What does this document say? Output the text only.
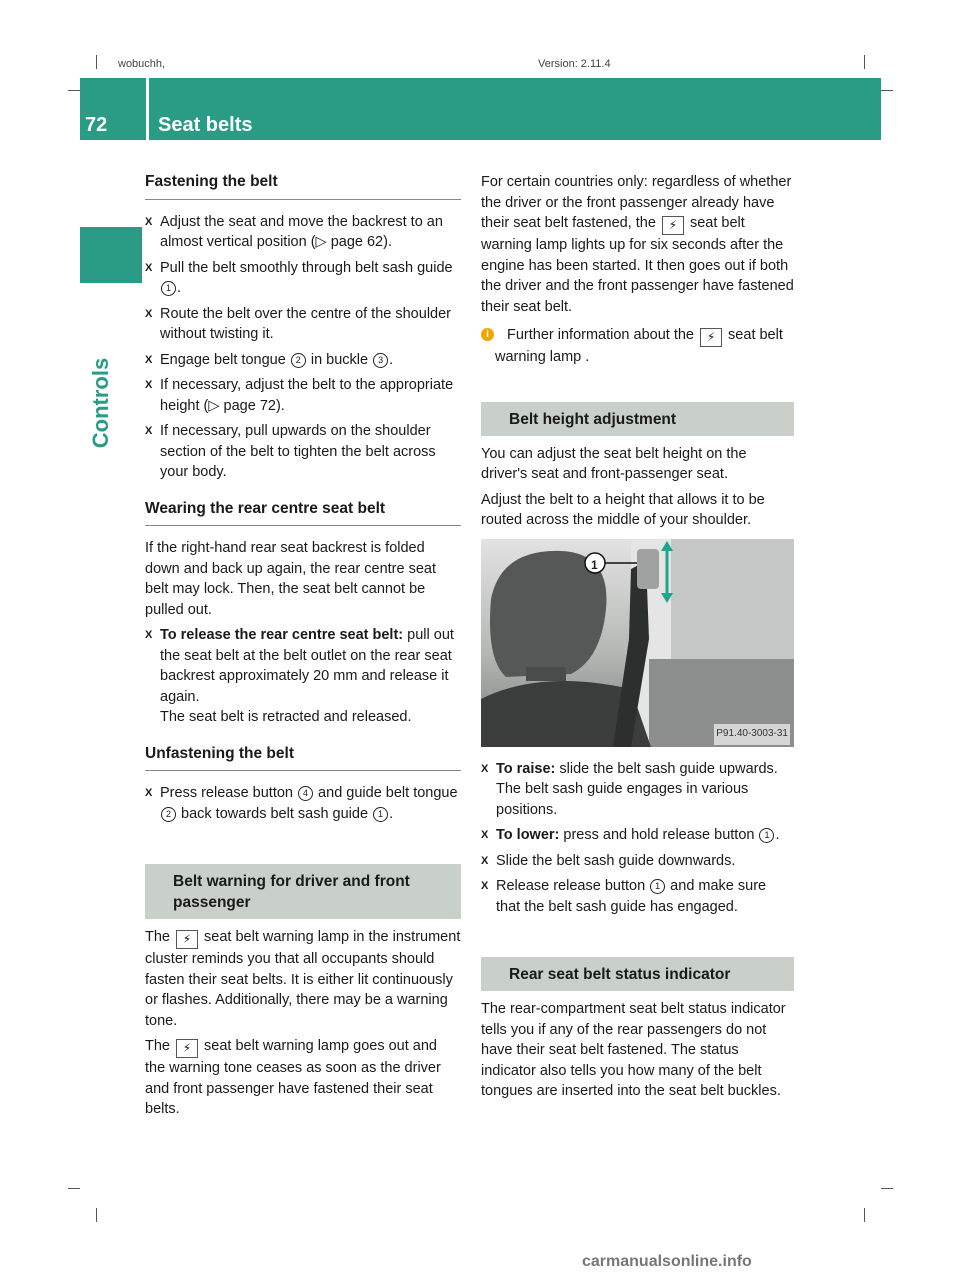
wobuchh,	Version: 2.11.4
72	Seat belts
Controls
Fastening the belt
X Adjust the seat and move the backrest to an almost vertical position (▷ page 62).
X Pull the belt smoothly through belt sash guide 1 .
X Route the belt over the centre of the shoulder without twisting it.
X Engage belt tongue 2 in buckle 3 .
X If necessary, adjust the belt to the appropriate height (▷ page 72).
X If necessary, pull upwards on the shoulder section of the belt to tighten the belt across your body.
Wearing the rear centre seat belt

If the right-hand rear seat backrest is folded down and back up again, the rear centre seat belt may lock. Then, the seat belt cannot be pulled out.

X To release the rear centre seat belt: pull out the seat belt at the belt outlet on the rear seat backrest approximately 20 mm and release it again.
The seat belt is retracted and released.
Unfastening the belt
X Press release button 4 and guide belt tongue 2 back towards belt sash guide 1 .
Belt warning for driver and front passenger

The ⚡ seat belt warning lamp in the instrument cluster reminds you that all occupants should fasten their seat belts. It is either lit continuously or flashes. Additionally, there may be a warning tone.

The ⚡ seat belt warning lamp goes out and the warning tone ceases as soon as the driver and front passenger have fastened their seat belts.

For certain countries only: regardless of whether the driver or the front passenger already have their seat belt fastened, the ⚡ seat belt warning lamp lights up for six seconds after the engine has been started. It then goes out if both the driver and the front passenger have fastened their seat belt.

i	Further information about the ⚡ seat belt warning lamp .
Belt height adjustment

You can adjust the seat belt height on the driver's seat and front-passenger seat.

Adjust the belt to a height that allows it to be routed across the middle of your shoulder.

1
P91.40-3003-31
X To raise: slide the belt sash guide upwards. The belt sash guide engages in various positions.
X To lower: press and hold release button 1 .
X Slide the belt sash guide downwards.
X Release release button 1 and make sure that the belt sash guide has engaged.
Rear seat belt status indicator

The rear-compartment seat belt status indicator tells you if any of the rear passengers do not have their seat belt fastened. The status indicator also tells you how many of the belt tongues are inserted into the seat belt buckles.

carmanualsonline.info
